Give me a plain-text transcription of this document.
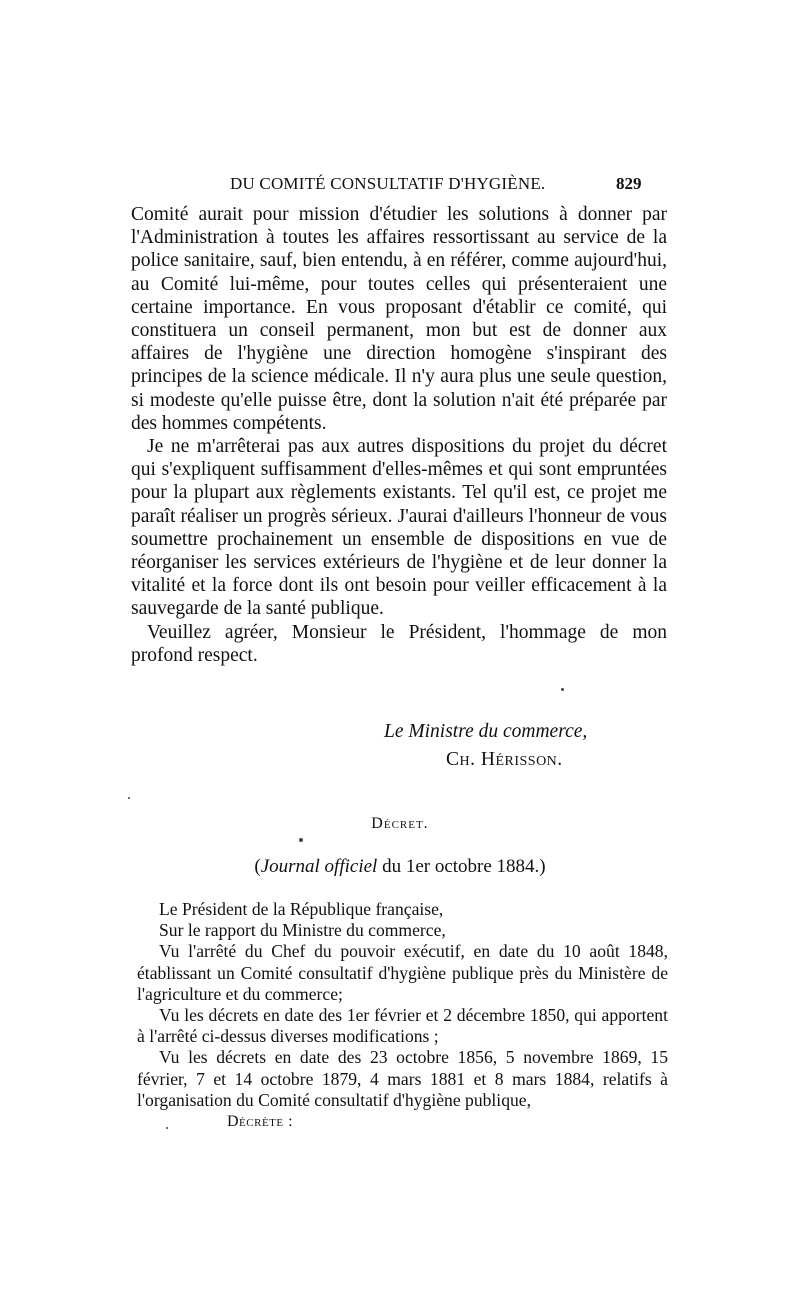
DU COMITÉ CONSULTATIF D'HYGIÈNE.	829

Comité aurait pour mission d'étudier les solutions à donner par l'Administration à toutes les affaires ressortissant au service de la police sanitaire, sauf, bien entendu, à en référer, comme aujourd'hui, au Comité lui-même, pour toutes celles qui présenteraient une certaine importance. En vous proposant d'établir ce comité, qui constituera un conseil permanent, mon but est de donner aux affaires de l'hygiène une direction homogène s'inspirant des principes de la science médicale. Il n'y aura plus une seule question, si modeste qu'elle puisse être, dont la solution n'ait été préparée par des hommes compétents.

Je ne m'arrêterai pas aux autres dispositions du projet du décret qui s'expliquent suffisamment d'elles-mêmes et qui sont empruntées pour la plupart aux règlements existants. Tel qu'il est, ce projet me paraît réaliser un progrès sérieux. J'aurai d'ailleurs l'honneur de vous soumettre prochainement un ensemble de dispositions en vue de réorganiser les services extérieurs de l'hygiène et de leur donner la vitalité et la force dont ils ont besoin pour veiller efficacement à la sauvegarde de la santé publique.

Veuillez agréer, Monsieur le Président, l'hommage de mon profond respect.

Le Ministre du commerce,
Ch. Hérisson.
Décret.
(Journal officiel du 1er octobre 1884.)

Le Président de la République française,

Sur le rapport du Ministre du commerce,

Vu l'arrêté du Chef du pouvoir exécutif, en date du 10 août 1848, établissant un Comité consultatif d'hygiène publique près du Ministère de l'agriculture et du commerce;

Vu les décrets en date des 1er février et 2 décembre 1850, qui apportent à l'arrêté ci-dessus diverses modifications ;

Vu les décrets en date des 23 octobre 1856, 5 novembre 1869, 15 février, 7 et 14 octobre 1879, 4 mars 1881 et 8 mars 1884, relatifs à l'organisation du Comité consultatif d'hygiène publique,

Décrète :
